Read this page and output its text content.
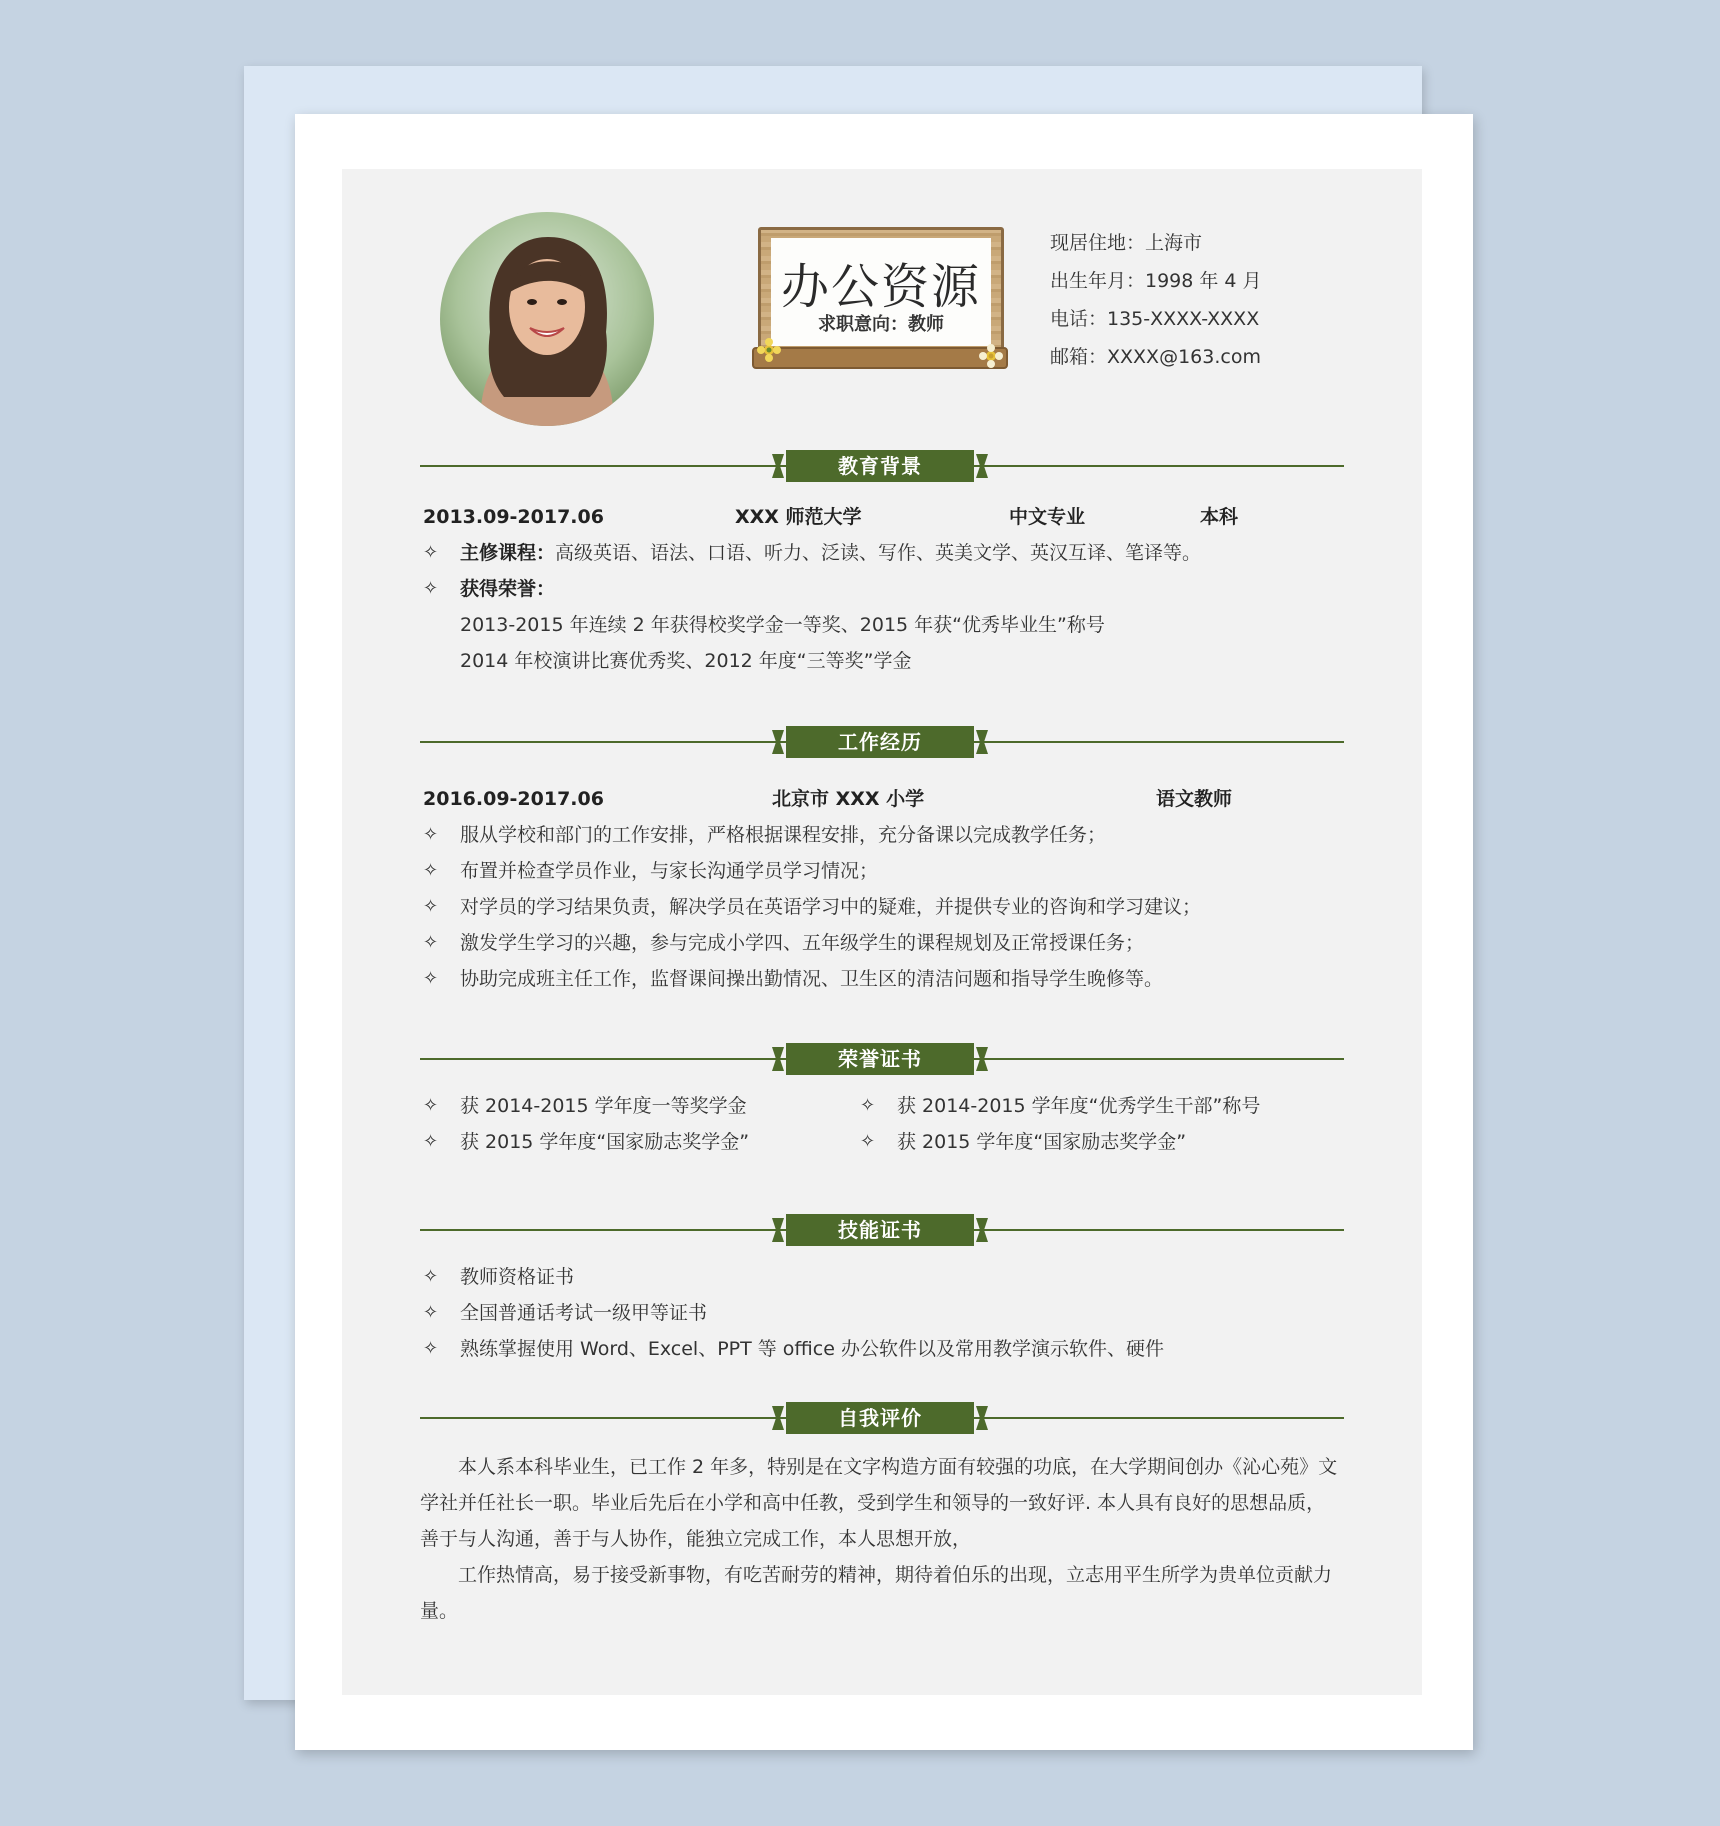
办公资源
求职意向：教师
现居住地：上海市
出生年月：1998 年 4 月
电话：135-XXXX-XXXX
邮箱：XXXX@163.com
教育背景
2013.09-2017.06	XXX 师范大学	中文专业	本科
✧ 主修课程：高级英语、语法、口语、听力、泛读、写作、英美文学、英汉互译、笔译等。
✧ 获得荣誉：
2013-2015 年连续 2 年获得校奖学金一等奖、2015 年获“优秀毕业生”称号
2014 年校演讲比赛优秀奖、2012 年度“三等奖”学金
工作经历
2016.09-2017.06	北京市 XXX 小学	语文教师
✧ 服从学校和部门的工作安排，严格根据课程安排，充分备课以完成教学任务；
✧ 布置并检查学员作业，与家长沟通学员学习情况；
✧ 对学员的学习结果负责，解决学员在英语学习中的疑难，并提供专业的咨询和学习建议；
✧ 激发学生学习的兴趣，参与完成小学四、五年级学生的课程规划及正常授课任务；
✧ 协助完成班主任工作，监督课间操出勤情况、卫生区的清洁问题和指导学生晚修等。
荣誉证书
✧ 获 2014-2015 学年度一等奖学金	✧ 获 2014-2015 学年度“优秀学生干部”称号
✧ 获 2015 学年度“国家励志奖学金”	✧ 获 2015 学年度“国家励志奖学金”
技能证书
✧ 教师资格证书
✧ 全国普通话考试一级甲等证书
✧ 熟练掌握使用 Word、Excel、PPT 等 office 办公软件以及常用教学演示软件、硬件
自我评价
本人系本科毕业生，已工作 2 年多，特别是在文字构造方面有较强的功底，在大学期间创办《沁心苑》文学社并任社长一职。毕业后先后在小学和高中任教，受到学生和领导的一致好评. 本人具有良好的思想品质，善于与人沟通，善于与人协作，能独立完成工作，本人思想开放，
工作热情高，易于接受新事物，有吃苦耐劳的精神，期待着伯乐的出现，立志用平生所学为贵单位贡献力量。
